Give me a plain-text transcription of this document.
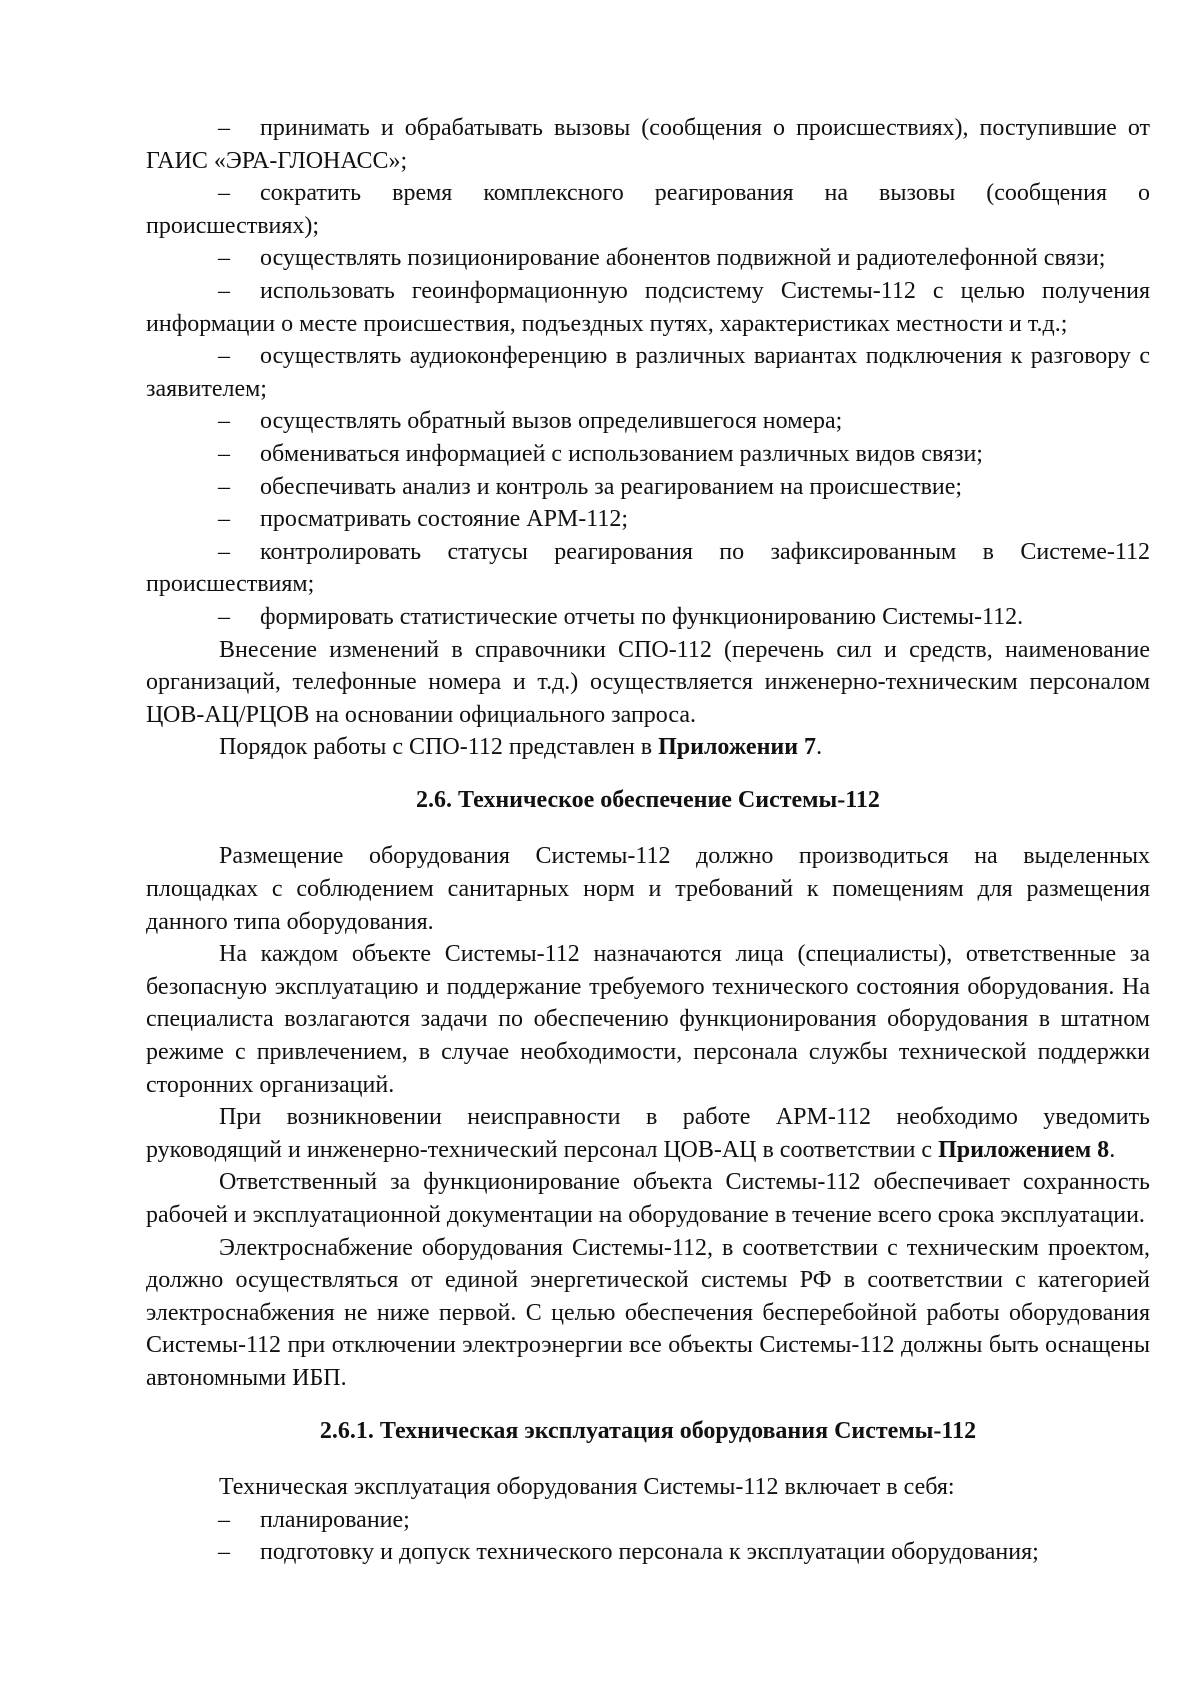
– принимать и обрабатывать вызовы (сообщения о происшествиях), поступившие от ГАИС «ЭРА-ГЛОНАСС»;

– сократить время комплексного реагирования на вызовы (сообщения о происшествиях);

– осуществлять позиционирование абонентов подвижной и радиотелефонной связи;

– использовать геоинформационную подсистему Системы-112 с целью получения информации о месте происшествия, подъездных путях, характеристиках местности и т.д.;

– осуществлять аудиоконференцию в различных вариантах подключения к разговору с заявителем;

– осуществлять обратный вызов определившегося номера;

– обмениваться информацией с использованием различных видов связи;

– обеспечивать анализ и контроль за реагированием на происшествие;

– просматривать состояние АРМ-112;

– контролировать статусы реагирования по зафиксированным в Системе-112 происшествиям;

– формировать статистические отчеты по функционированию Системы-112.

Внесение изменений в справочники СПО-112 (перечень сил и средств, наименование организаций, телефонные номера и т.д.) осуществляется инженерно-техническим персоналом ЦОВ-АЦ/РЦОВ на основании официального запроса.

Порядок работы с СПО-112 представлен в Приложении 7.

2.6. Техническое обеспечение Системы-112

Размещение оборудования Системы-112 должно производиться на выделенных площадках с соблюдением санитарных норм и требований к помещениям для размещения данного типа оборудования.

На каждом объекте Системы-112 назначаются лица (специалисты), ответственные за безопасную эксплуатацию и поддержание требуемого технического состояния оборудования. На специалиста возлагаются задачи по обеспечению функционирования оборудования в штатном режиме с привлечением, в случае необходимости, персонала службы технической поддержки сторонних организаций.

При возникновении неисправности в работе АРМ-112 необходимо уведомить руководящий и инженерно-технический персонал ЦОВ-АЦ в соответствии с Приложением 8.

Ответственный за функционирование объекта Системы-112 обеспечивает сохранность рабочей и эксплуатационной документации на оборудование в течение всего срока эксплуатации.

Электроснабжение оборудования Системы-112, в соответствии с техническим проектом, должно осуществляться от единой энергетической системы РФ в соответствии с категорией электроснабжения не ниже первой. С целью обеспечения бесперебойной работы оборудования Системы-112 при отключении электроэнергии все объекты Системы-112 должны быть оснащены автономными ИБП.

2.6.1. Техническая эксплуатация оборудования Системы-112

Техническая эксплуатация оборудования Системы-112 включает в себя:

– планирование;

– подготовку и допуск технического персонала к эксплуатации оборудования;
